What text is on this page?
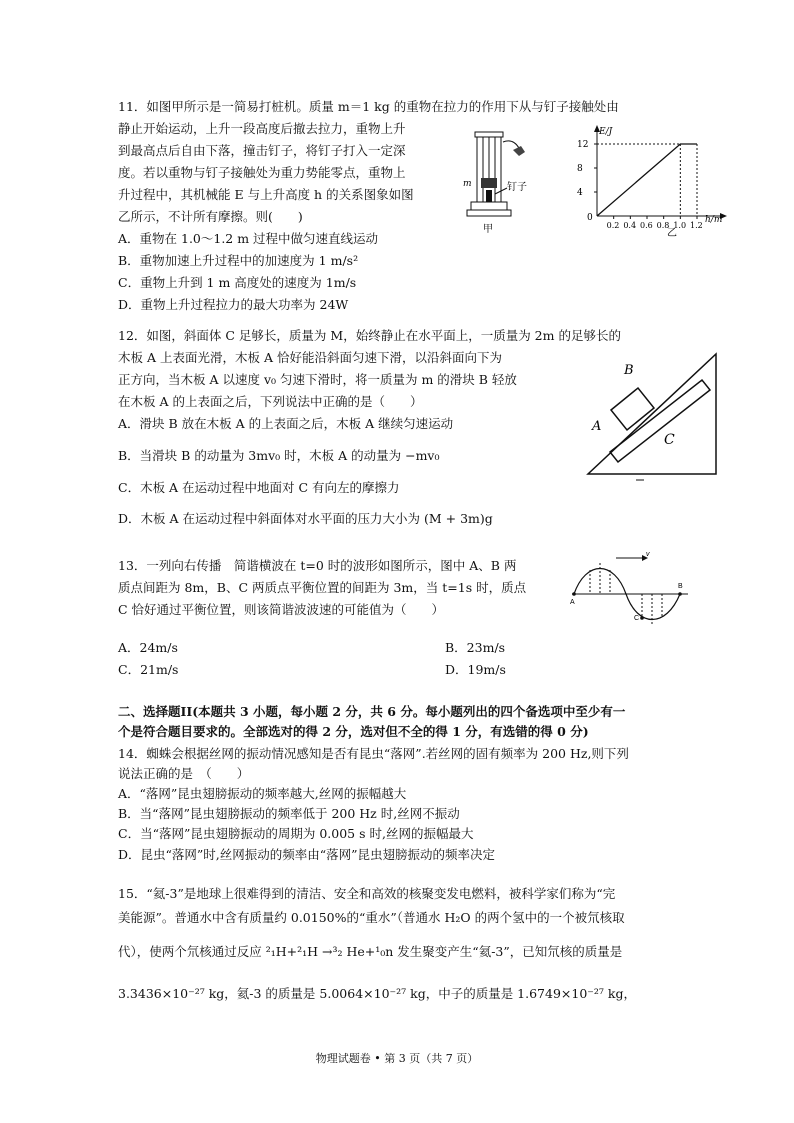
11．如图甲所示是一简易打桩机。质量 m＝1 kg 的重物在拉力的作用下从与钉子接触处由
静止开始运动，上升一段高度后撤去拉力，重物上升
到最高点后自由下落，撞击钉子，将钉子打入一定深
度。若以重物与钉子接触处为重力势能零点，重物上
升过程中，其机械能 E 与上升高度 h 的关系图象如图
乙所示，不计所有摩擦。则(　　)
A．重物在 1.0～1.2 m 过程中做匀速直线运动
B．重物加速上升过程中的加速度为 1 m/s²
C．重物上升到 1 m 高度处的速度为 1m/s
D．重物上升过程拉力的最大功率为 24W
m	钉子
甲
E/J
h/m
0
12
8
4
0.2 0.4 0.6 0.8 1.0 1.2
乙
12．如图，斜面体 C 足够长，质量为 M，始终静止在水平面上，一质量为 2m 的足够长的
木板 A 上表面光滑，木板 A 恰好能沿斜面匀速下滑，以沿斜面向下为
正方向，当木板 A 以速度 v₀ 匀速下滑时，将一质量为 m 的滑块 B 轻放
在木板 A 的上表面之后，下列说法中正确的是（　　）
A．滑块 B 放在木板 A 的上表面之后，木板 A 继续匀速运动
B．当滑块 B 的动量为 3mv₀ 时，木板 A 的动量为 −mv₀
C．木板 A 在运动过程中地面对 C 有向左的摩擦力
D．木板 A 在运动过程中斜面体对水平面的压力大小为 (M + 3m)g
B
A
C
13．一列向右传播　简谐横波在 t=0 时的波形如图所示，图中 A、B 两
质点间距为 8m，B、C 两质点平衡位置的间距为 3m，当 t=1s 时，质点
C 恰好通过平衡位置，则该简谐波波速的可能值为（　　）
A．24m/s	B．23m/s
C．21m/s	D．19m/s
v
A
B
C
二、选择题II(本题共 3 小题，每小题 2 分，共 6 分。每小题列出的四个备选项中至少有一
个是符合题目要求的。全部选对的得 2 分，选对但不全的得 1 分，有选错的得 0 分)
14．蜘蛛会根据丝网的振动情况感知是否有昆虫“落网”.若丝网的固有频率为 200 Hz,则下列
说法正确的是　（　　）
A．“落网”昆虫翅膀振动的频率越大,丝网的振幅越大
B．当“落网”昆虫翅膀振动的频率低于 200 Hz 时,丝网不振动
C．当“落网”昆虫翅膀振动的周期为 0.005 s 时,丝网的振幅最大
D．昆虫“落网”时,丝网振动的频率由“落网”昆虫翅膀振动的频率决定
15．“氦-3”是地球上很难得到的清洁、安全和高效的核聚变发电燃料，被科学家们称为“完
美能源”。普通水中含有质量约 0.0150%的“重水”（普通水 H₂O 的两个氢中的一个被氘核取
代），使两个氘核通过反应 ²₁H+²₁H →³₂ He+¹₀n 发生聚变产生“氦-3”，已知氘核的质量是
3.3436×10⁻²⁷ kg，氦-3 的质量是 5.0064×10⁻²⁷ kg，中子的质量是 1.6749×10⁻²⁷ kg，
物理试题卷 • 第 3 页（共 7 页）
